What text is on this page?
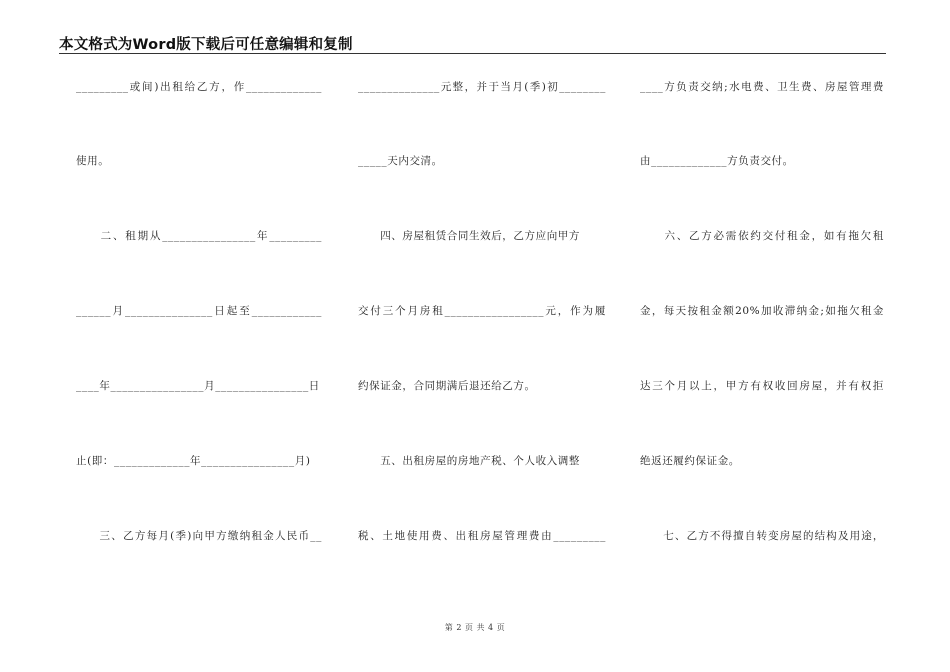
本文格式为Word版下载后可任意编辑和复制
_________或间)出租给乙方，作_____________
使用。
　　二、租期从________________年_________
______月_______________日起至____________
____年________________月________________日
止(即：_____________年________________月)
　　三、乙方每月(季)向甲方缴纳租金人民币__
______________元整，并于当月(季)初________
_____天内交清。
　　四、房屋租赁合同生效后，乙方应向甲方
交付三个月房租_________________元，作为履
约保证金，合同期满后退还给乙方。
　　五、出租房屋的房地产税、个人收入调整
税、土地使用费、出租房屋管理费由_________
____方负责交纳;水电费、卫生费、房屋管理费
由_____________方负责交付。
　　六、乙方必需依约交付租金，如有拖欠租
金，每天按租金额20%加收滞纳金;如拖欠租金
达三个月以上，甲方有权收回房屋，并有权拒
绝返还履约保证金。
　　七、乙方不得擅自转变房屋的结构及用途，
第 2 页 共 4 页
